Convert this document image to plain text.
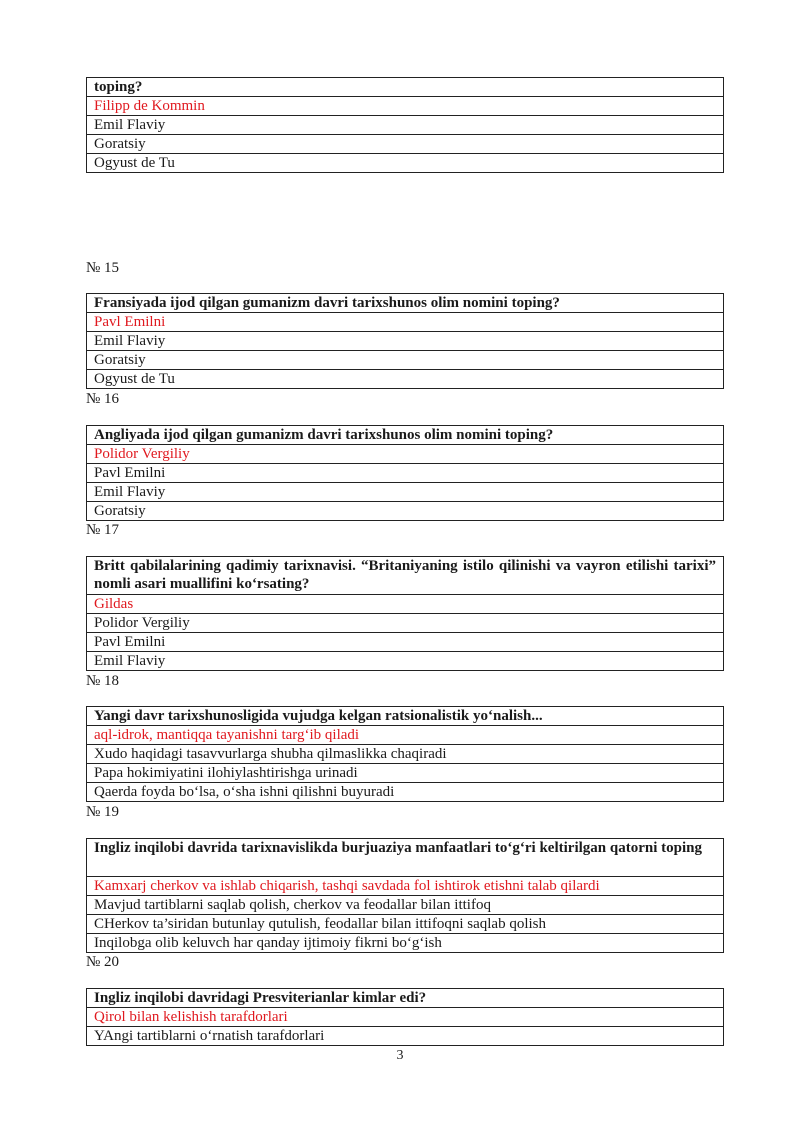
toping?
Filipp de Kommin
Emil Flaviy
Goratsiy
Ogyust de Tu
№ 15
Fransiyada ijod qilgan gumanizm davri tarixshunos olim nomini toping?
Pavl Emilni
Emil Flaviy
Goratsiy
Ogyust de Tu
№ 16
Angliyada ijod qilgan gumanizm davri tarixshunos olim nomini toping?
Polidor Vergiliy
Pavl Emilni
Emil Flaviy
Goratsiy
№ 17
Britt qabilalarining qadimiy tarixnavisi. “Britaniyaning istilo qilinishi va vayron etilishi tarixi” nomli asari muallifini ko‘rsating?
Gildas
Polidor Vergiliy
Pavl Emilni
Emil Flaviy
№ 18
Yangi davr tarixshunosligida vujudga kelgan ratsionalistik yo‘nalish...
aql-idrok, mantiqqa tayanishni targ‘ib qiladi
Xudo haqidagi tasavvurlarga shubha qilmaslikka chaqiradi
Papa hokimiyatini ilohiylashtirishga urinadi
Qaerda foyda bo‘lsa, o‘sha ishni qilishni buyuradi
№ 19
Ingliz inqilobi davrida tarixnavislikda burjuaziya manfaatlari to‘g‘ri keltirilgan qatorni toping
Kamxarj cherkov va ishlab chiqarish, tashqi savdada fol ishtirok etishni talab qilardi
Mavjud tartiblarni saqlab qolish, cherkov va feodallar bilan ittifoq
CHerkov ta’siridan butunlay qutulish, feodallar bilan ittifoqni saqlab qolish
Inqilobga olib keluvch har qanday ijtimoiy fikrni bo‘g‘ish
№ 20
Ingliz inqilobi davridagi Presviterianlar kimlar edi?
Qirol bilan kelishish tarafdorlari
YAngi tartiblarni o‘rnatish tarafdorlari
3
